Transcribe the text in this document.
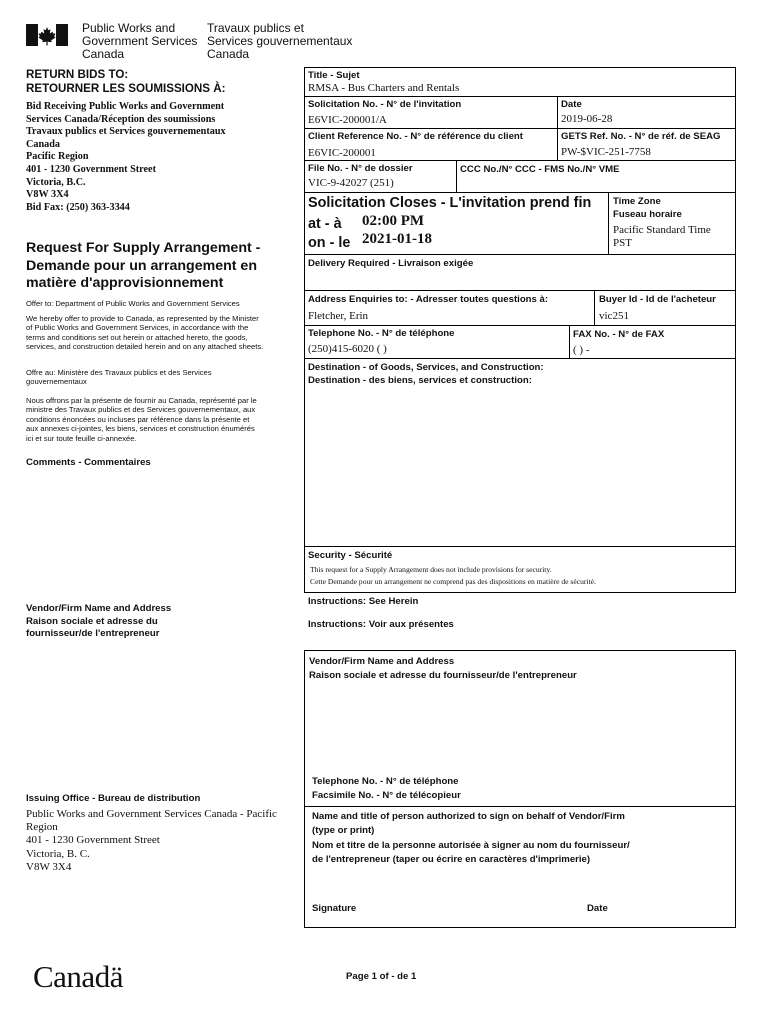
Public Works and
Government Services
Canada
Travaux publics et
Services gouvernementaux
Canada
RETURN BIDS TO:
RETOURNER LES SOUMISSIONS À:
Bid Receiving Public Works and Government
Services Canada/Réception des soumissions
Travaux publics et Services gouvernementaux
Canada
Pacific Region
401 - 1230 Government Street
Victoria, B.C.
V8W 3X4
Bid Fax: (250) 363-3344
Request For Supply Arrangement -
Demande pour un arrangement en
matière d'approvisionnement
Offer to: Department of Public Works and Government Services
We hereby offer to provide to Canada, as represented by the Minister
of Public Works and Government Services, in accordance with the
terms and conditions set out herein or attached hereto, the goods,
services, and construction detailed herein and on any attached sheets.
Offre au: Ministère des Travaux publics et des Services
gouvernementaux
Nous offrons par la présente de fournir au Canada, représenté par le
ministre des Travaux publics et des Services gouvernementaux, aux
conditions énoncées ou incluses par référence dans la présente et
aux annexes ci-jointes, les biens, services et construction énumérés
ici et sur toute feuille ci-annexée.
Comments - Commentaires
Vendor/Firm Name and Address
Raison sociale et adresse du
fournisseur/de l'entrepreneur
Issuing Office - Bureau de distribution
Public Works and Government Services Canada - Pacific
Region
401 - 1230 Government Street
Victoria, B. C.
V8W 3X4
Title - Sujet
RMSA - Bus Charters and Rentals
Solicitation No. - N° de l'invitation
E6VIC-200001/A
Date
2019-06-28
Client Reference No. - N° de référence du client
E6VIC-200001
GETS Ref. No. - N° de réf. de SEAG
PW-$VIC-251-7758
File No. - N° de dossier
VIC-9-42027 (251)
CCC No./N° CCC - FMS No./N° VME
Solicitation Closes - L'invitation prend fin
at - à 02:00 PM
on - le 2021-01-18
Time Zone
Fuseau horaire
Pacific Standard Time
PST
Delivery Required - Livraison exigée
Address Enquiries to: - Adresser toutes questions à:
Fletcher, Erin
Buyer Id - Id de l'acheteur
vic251
Telephone No. - N° de téléphone
(250)415-6020 ( )
FAX No. - N° de FAX
( ) -
Destination - of Goods, Services, and Construction:
Destination - des biens, services et construction:
Security - Sécurité
This request for a Supply Arrangement does not include provisions for security.
Cette Demande pour un arrangement ne comprend pas des dispositions en matière de sécurité.
Instructions: See Herein
Instructions: Voir aux présentes
Vendor/Firm Name and Address
Raison sociale et adresse du fournisseur/de l'entrepreneur
Telephone No. - N° de téléphone
Facsimile No. - N° de télécopieur
Name and title of person authorized to sign on behalf of Vendor/Firm
(type or print)
Nom et titre de la personne autorisée à signer au nom du fournisseur/
de l'entrepreneur (taper ou écrire en caractères d'imprimerie)
Signature	Date
Canadä	Page 1 of - de 1
